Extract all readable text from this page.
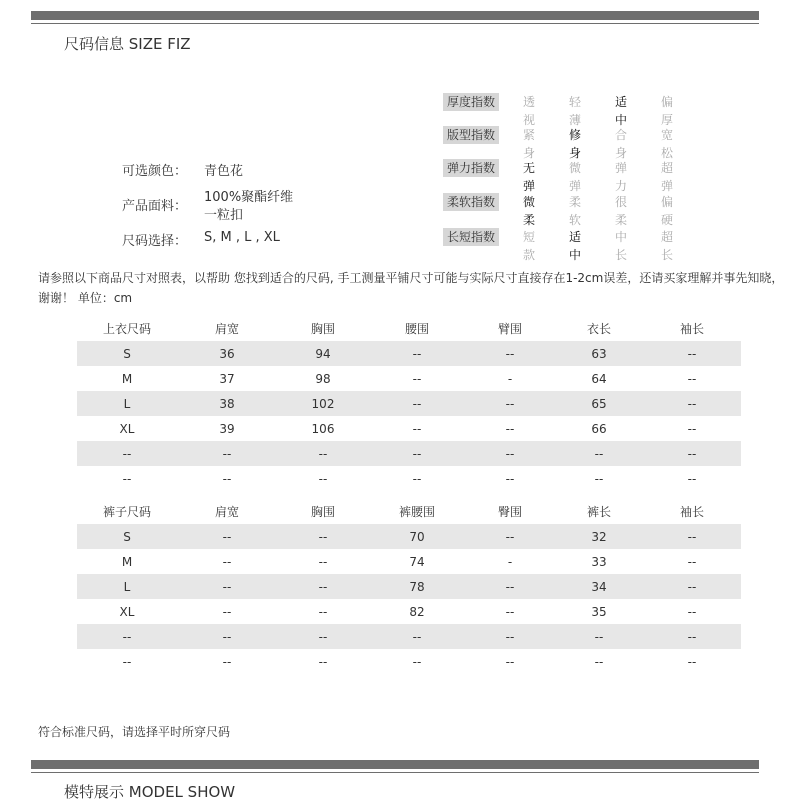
尺码信息 SIZE FIZ
可选颜色： 青色花
产品面料：
100%聚酯纤维
一粒扣
尺码选择： S, M , L , XL
厚度指数	透视
轻薄
适中
偏厚
版型指数	紧身
修身
合身
宽松
弹力指数	无弹
微弹
弹力
超弹
柔软指数	微柔
柔软
很柔
偏硬
长短指数	短款
适中
中长
超长
请参照以下商品尺寸对照表，以帮助 您找到适合的尺码, 手工测量平铺尺寸可能与实际尺寸直接存在1-2cm误差，还请买家理解并事先知晓，谢谢！ 单位：cm
上衣尺码	肩宽	胸围	腰围	臂围	衣长	袖长
S	36	94	--	--	63	--
M	37	98	--	-	64	--
L	38	102	--	--	65	--
XL	39	106	--	--	66	--
--	--	--	--	--	--	--
--	--	--	--	--	--	--
裤子尺码	肩宽	胸围	裤腰围	臀围	裤长	袖长
S	--	--	70	--	32	--
M	--	--	74	-	33	--
L	--	--	78	--	34	--
XL	--	--	82	--	35	--
--	--	--	--	--	--	--
--	--	--	--	--	--	--
符合标准尺码，请选择平时所穿尺码
模特展示 MODEL SHOW
